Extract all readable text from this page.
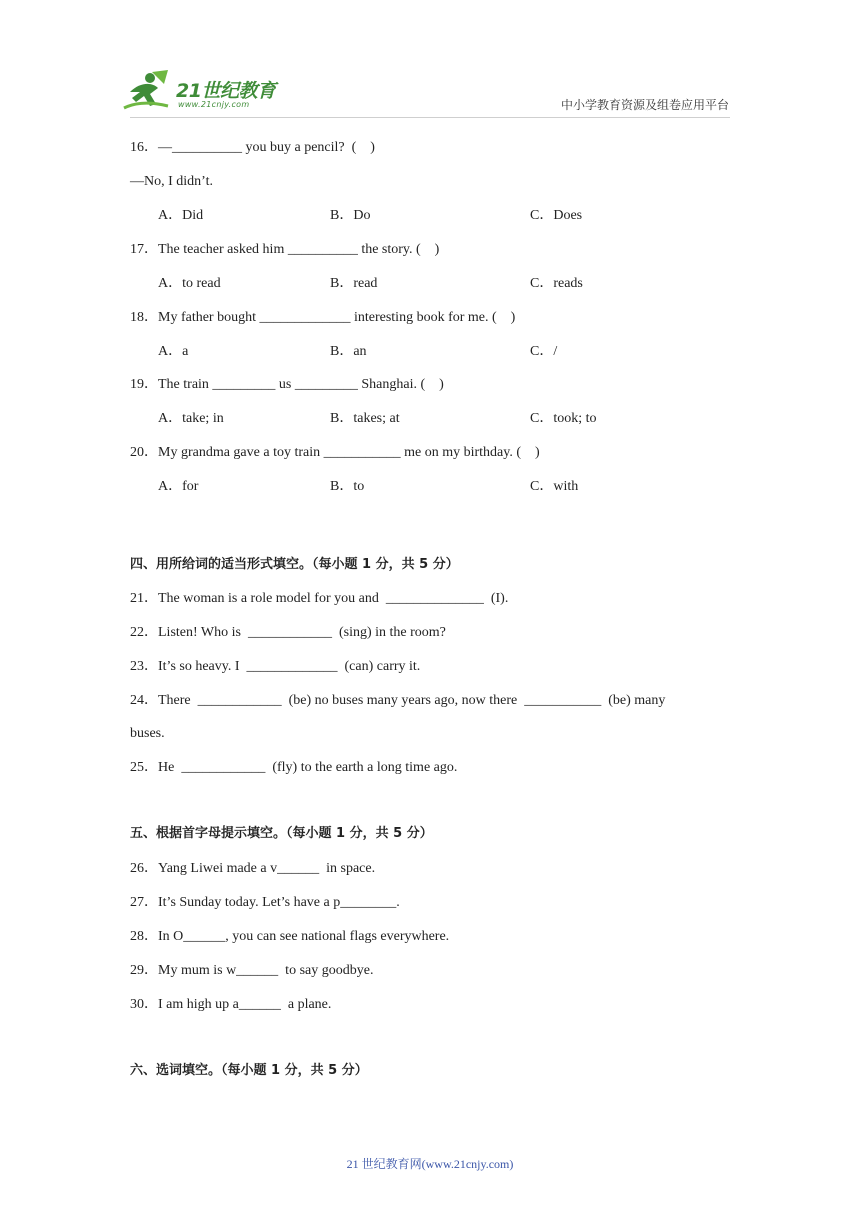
21世纪教育
www.21cnjy.com	中小学教育资源及组卷应用平台
16．—__________ you buy a pencil?  (    )
—No, I didn’t.
A．Did	B．Do	C．Does
17．The teacher asked him __________ the story. (    )
A．to read	B．read	C．reads
18．My father bought _____________ interesting book for me. (    )
A．a	B．an	C．/
19．The train _________ us _________ Shanghai. (    )
A．take; in	B．takes; at	C．took; to
20．My grandma gave a toy train ___________ me on my birthday. (    )
A．for	B．to	C．with
四、用所给词的适当形式填空。（每小题 1 分，共 5 分）
21．The woman is a role model for you and  ______________  (I).
22．Listen! Who is  ____________  (sing) in the room?
23．It’s so heavy. I  _____________  (can) carry it.
24．There  ____________  (be) no buses many years ago, now there  ___________  (be) many
buses.
25．He  ____________  (fly) to the earth a long time ago.
五、根据首字母提示填空。（每小题 1 分，共 5 分）
26．Yang Liwei made a v______  in space.
27．It’s Sunday today. Let’s have a p________.
28．In O______, you can see national flags everywhere.
29．My mum is w______  to say goodbye.
30．I am high up a______  a plane.
六、选词填空。（每小题 1 分，共 5 分）
21 世纪教育网(www.21cnjy.com)
